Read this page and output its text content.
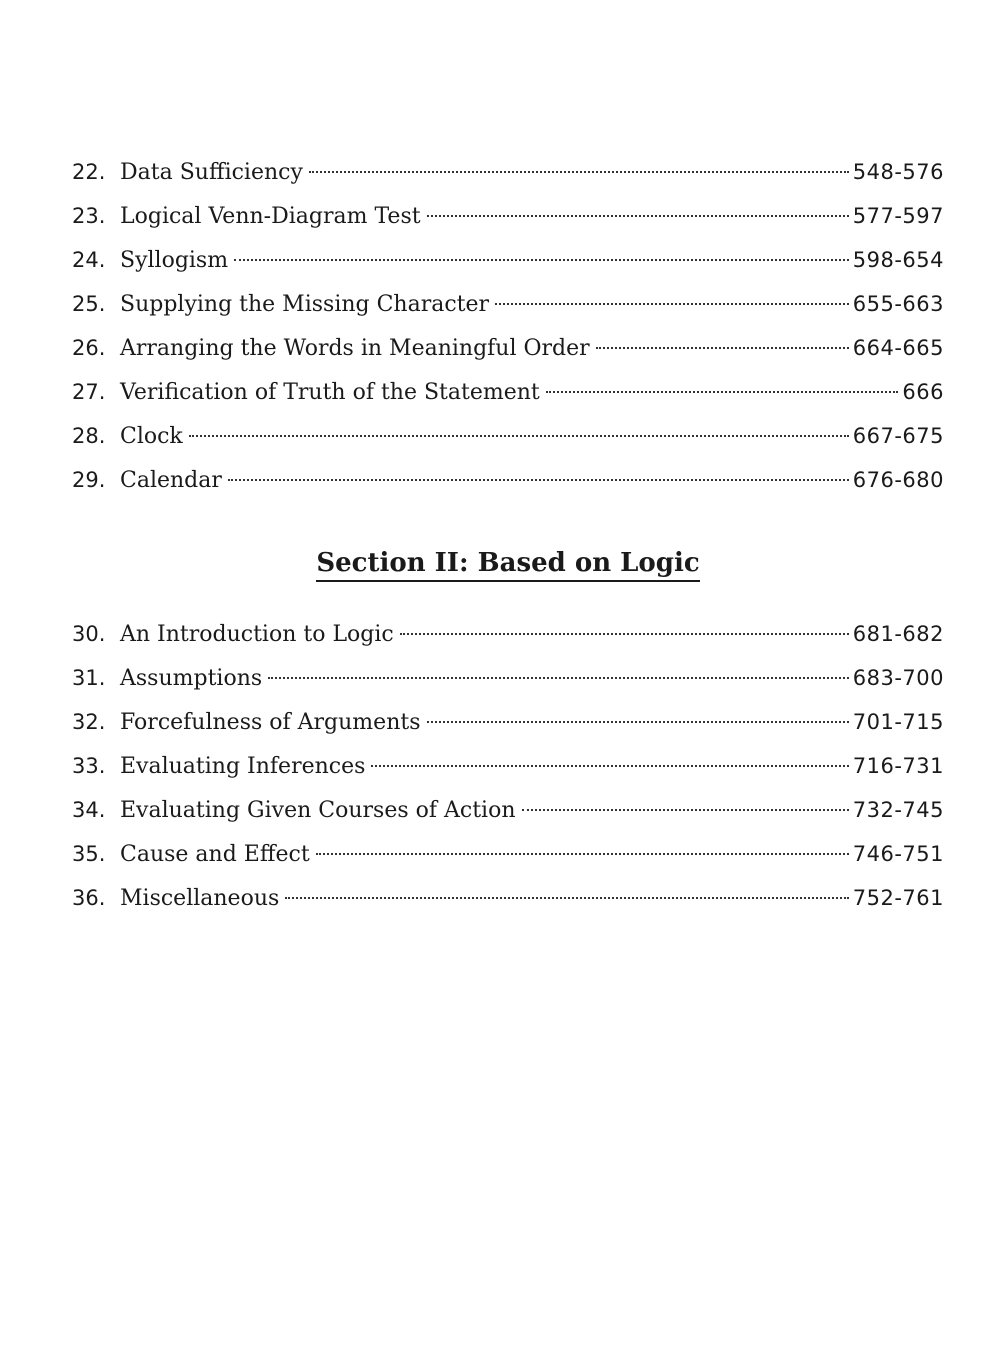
22. Data Sufficiency	548-576
23. Logical Venn-Diagram Test	577-597
24. Syllogism	598-654
25. Supplying the Missing Character	655-663
26. Arranging the Words in Meaningful Order	664-665
27. Verification of Truth of the Statement	666
28. Clock	667-675
29. Calendar	676-680
Section II: Based on Logic
30. An Introduction to Logic	681-682
31. Assumptions	683-700
32. Forcefulness of Arguments	701-715
33. Evaluating Inferences	716-731
34. Evaluating Given Courses of Action	732-745
35. Cause and Effect	746-751
36. Miscellaneous	752-761
